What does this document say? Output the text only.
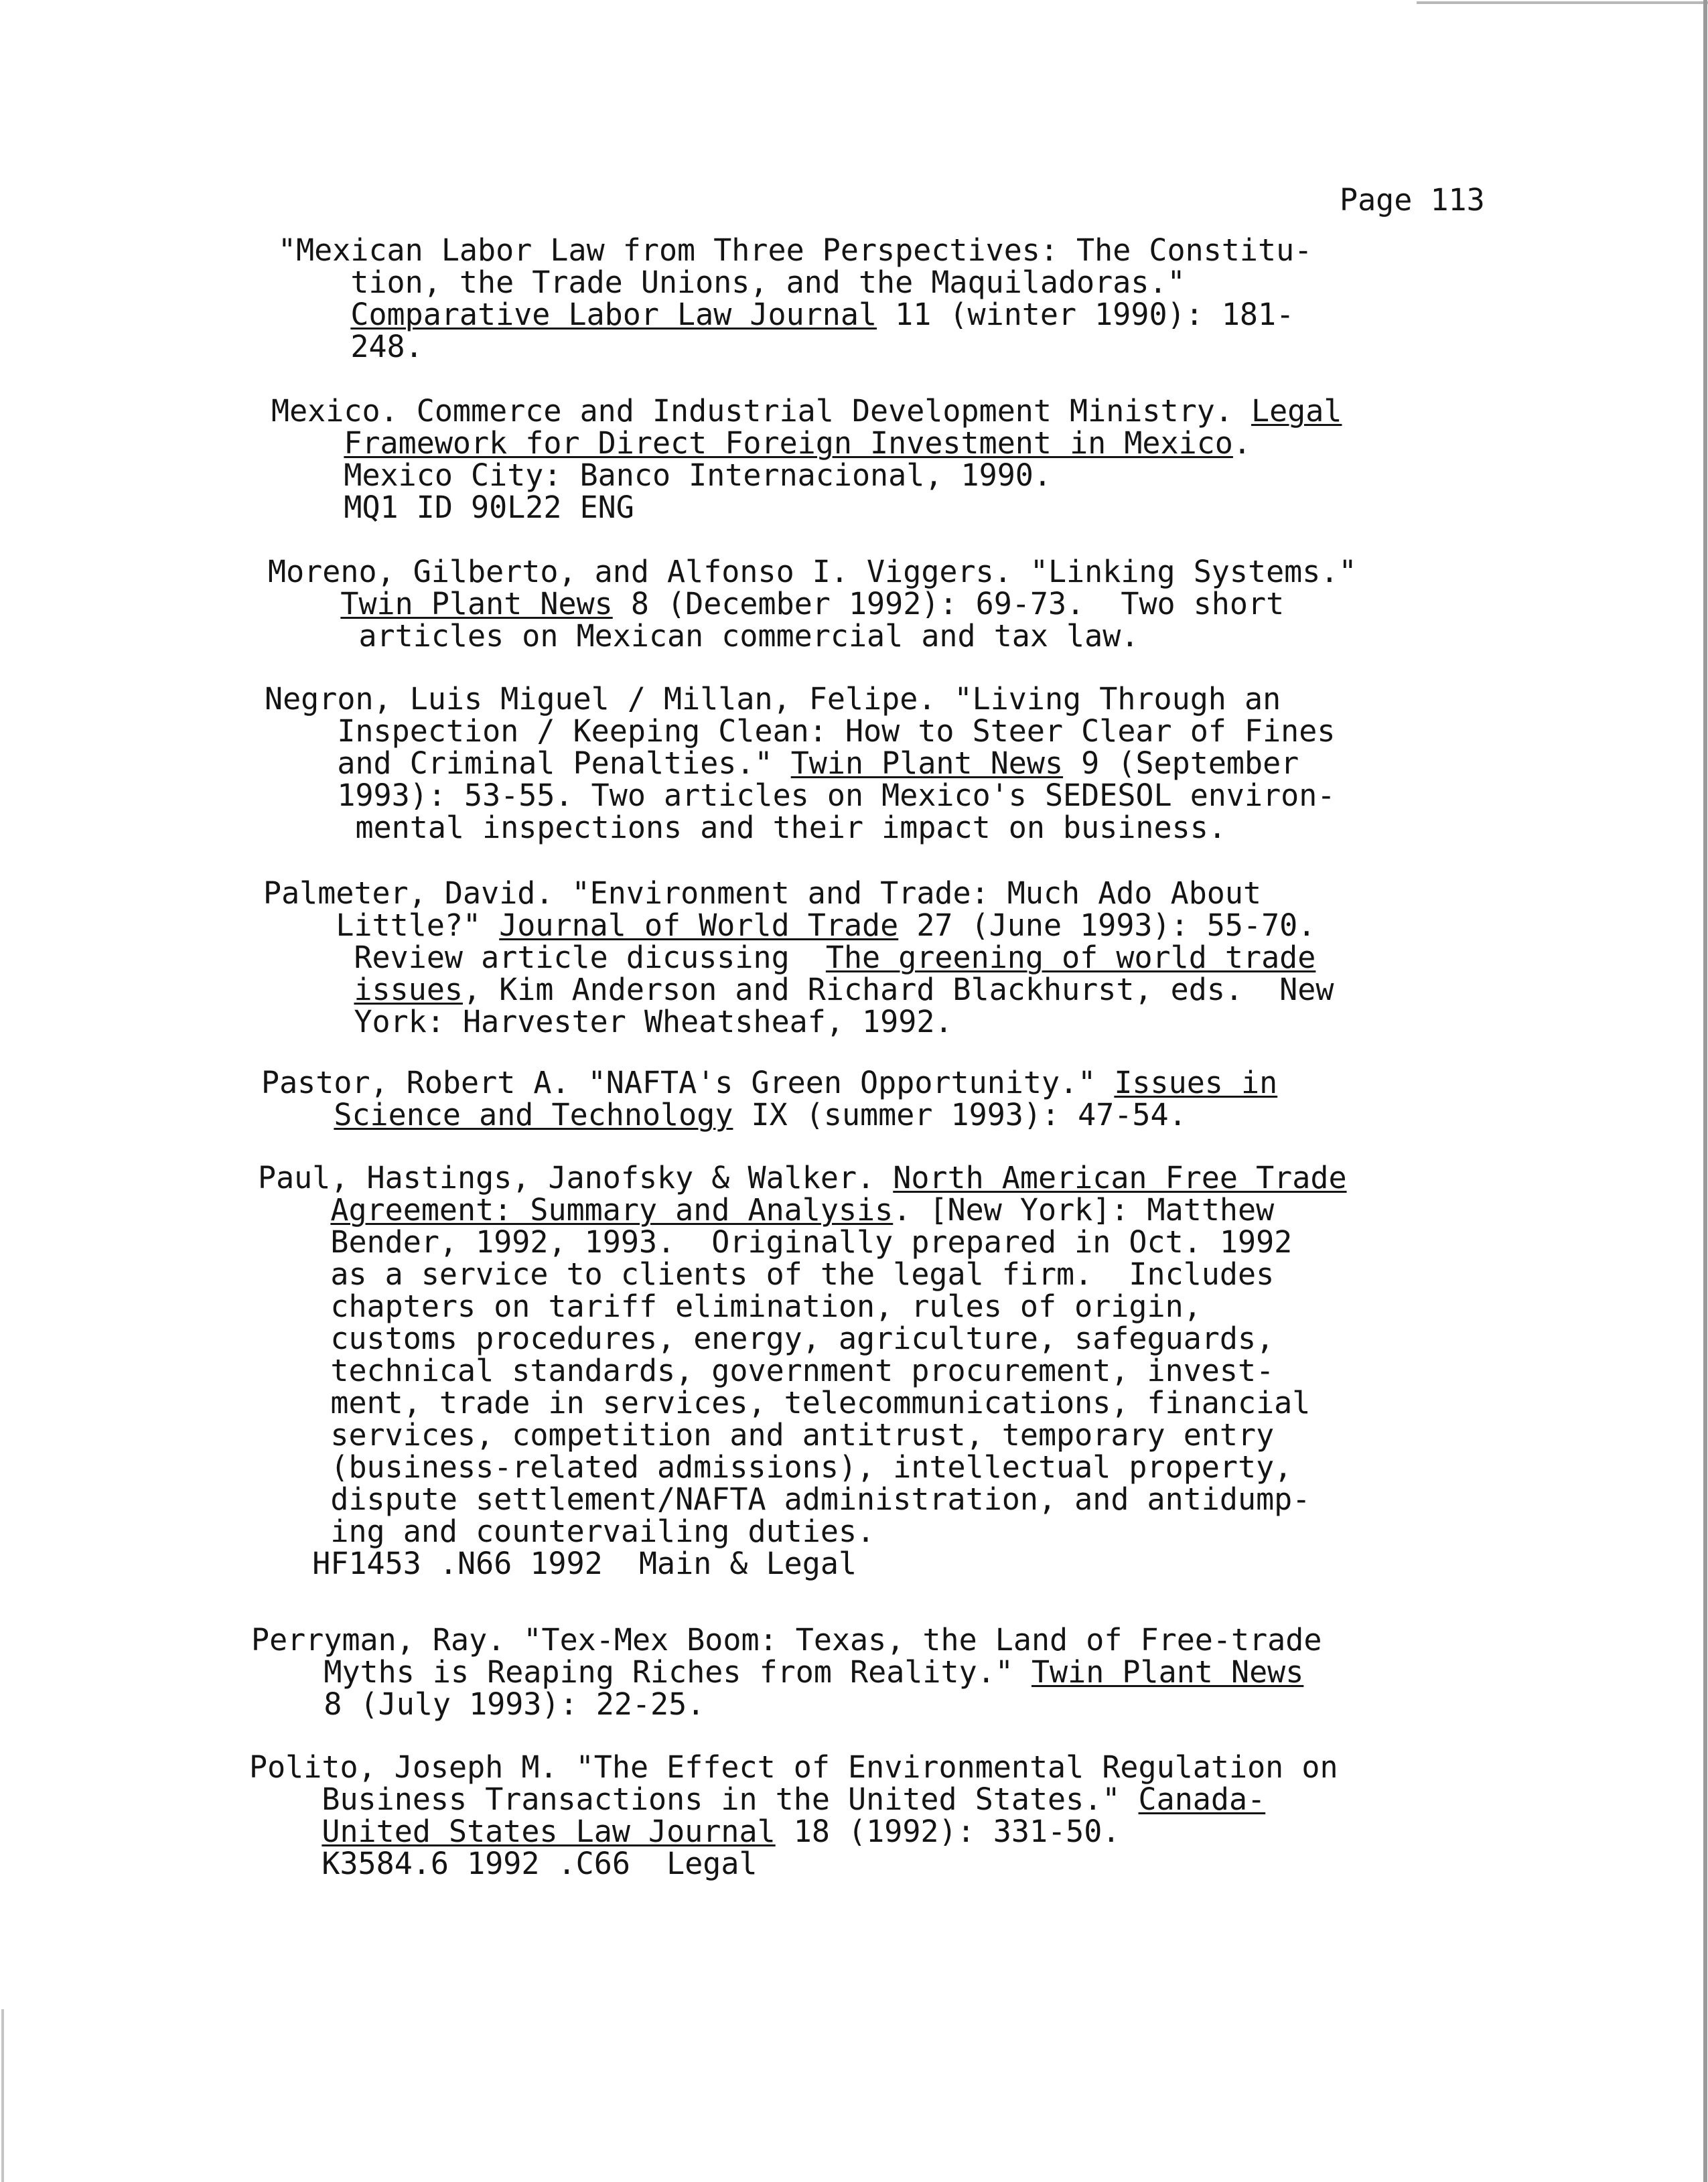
Page 113
"Mexican Labor Law from Three Perspectives: The Constitu-
tion, the Trade Unions, and the Maquiladoras."
Comparative Labor Law Journal 11 (winter 1990): 181-
248.
Mexico. Commerce and Industrial Development Ministry. Legal
Framework for Direct Foreign Investment in Mexico.
Mexico City: Banco Internacional, 1990.
MQ1 ID 90L22 ENG
Moreno, Gilberto, and Alfonso I. Viggers. "Linking Systems."
Twin Plant News 8 (December 1992): 69-73.  Two short
articles on Mexican commercial and tax law.
Negron, Luis Miguel / Millan, Felipe. "Living Through an
Inspection / Keeping Clean: How to Steer Clear of Fines
and Criminal Penalties." Twin Plant News 9 (September
1993): 53-55. Two articles on Mexico's SEDESOL environ-
mental inspections and their impact on business.
Palmeter, David. "Environment and Trade: Much Ado About
Little?" Journal of World Trade 27 (June 1993): 55-70.
Review article dicussing  The greening of world trade
issues, Kim Anderson and Richard Blackhurst, eds.  New
York: Harvester Wheatsheaf, 1992.
Pastor, Robert A. "NAFTA's Green Opportunity." Issues in
Science and Technology IX (summer 1993): 47-54.
Paul, Hastings, Janofsky & Walker. North American Free Trade
Agreement: Summary and Analysis. [New York]: Matthew
Bender, 1992, 1993.  Originally prepared in Oct. 1992
as a service to clients of the legal firm.  Includes
chapters on tariff elimination, rules of origin,
customs procedures, energy, agriculture, safeguards,
technical standards, government procurement, invest-
ment, trade in services, telecommunications, financial
services, competition and antitrust, temporary entry
(business-related admissions), intellectual property,
dispute settlement/NAFTA administration, and antidump-
ing and countervailing duties.
HF1453 .N66 1992  Main & Legal
Perryman, Ray. "Tex-Mex Boom: Texas, the Land of Free-trade
Myths is Reaping Riches from Reality." Twin Plant News
8 (July 1993): 22-25.
Polito, Joseph M. "The Effect of Environmental Regulation on
Business Transactions in the United States." Canada-
United States Law Journal 18 (1992): 331-50.
K3584.6 1992 .C66  Legal
